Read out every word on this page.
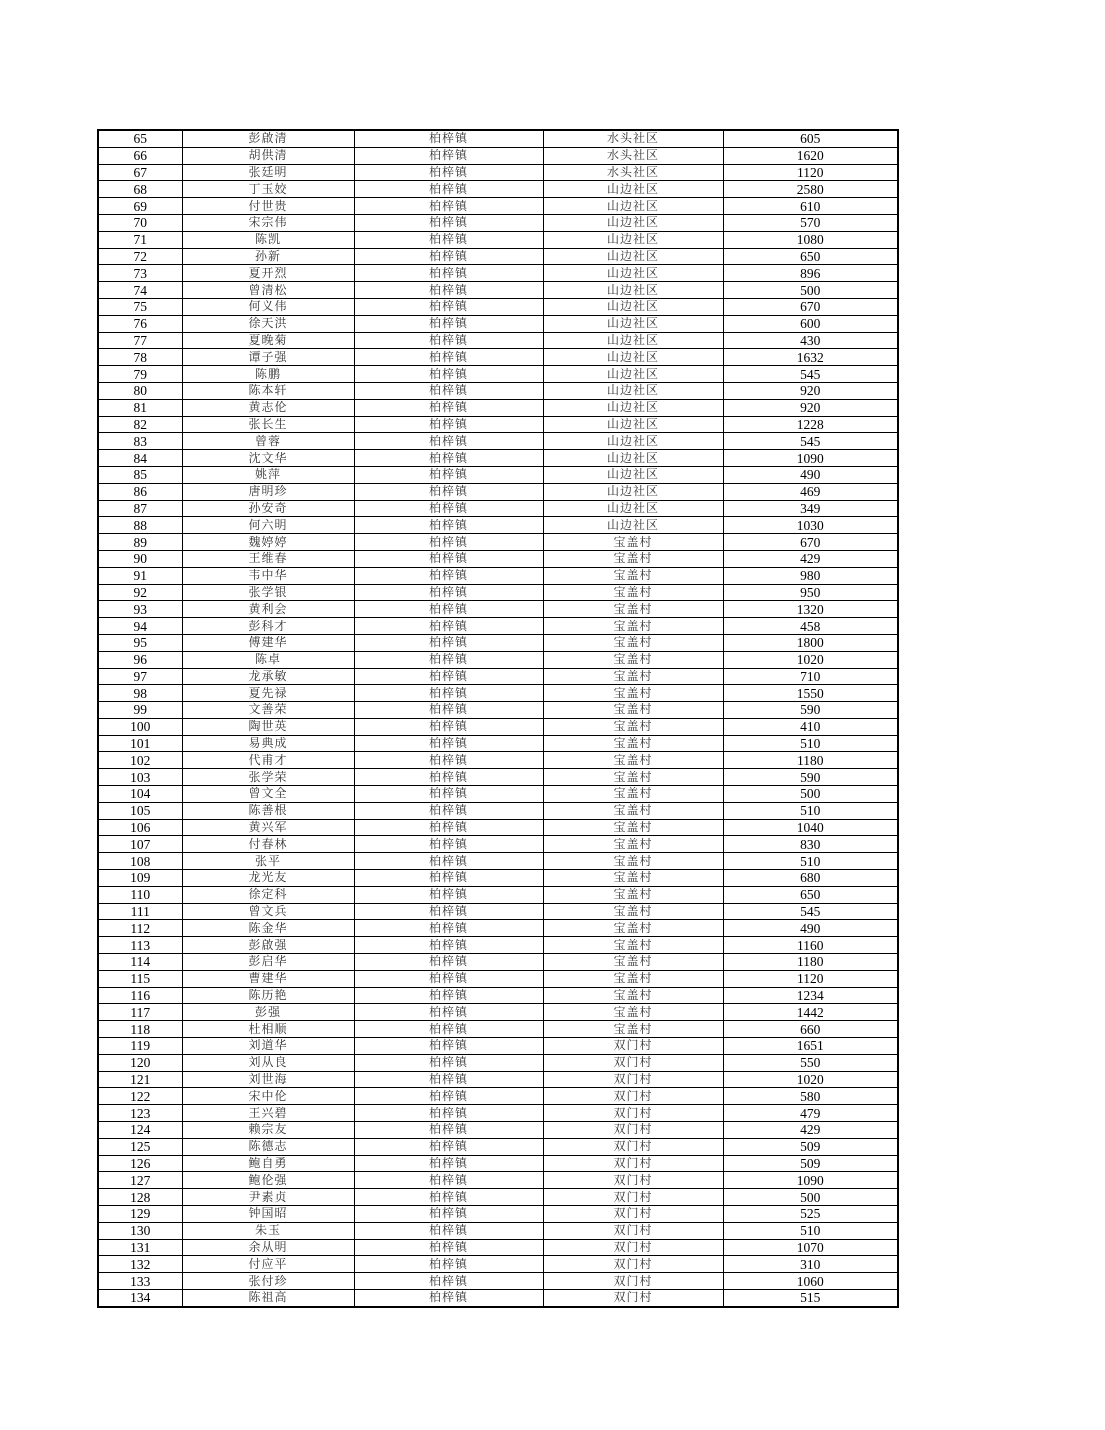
65	彭啟清	柏梓镇	水头社区	605
66	胡供清	柏梓镇	水头社区	1620
67	张廷明	柏梓镇	水头社区	1120
68	丁玉姣	柏梓镇	山边社区	2580
69	付世贵	柏梓镇	山边社区	610
70	宋宗伟	柏梓镇	山边社区	570
71	陈凯	柏梓镇	山边社区	1080
72	孙新	柏梓镇	山边社区	650
73	夏开烈	柏梓镇	山边社区	896
74	曾清松	柏梓镇	山边社区	500
75	何义伟	柏梓镇	山边社区	670
76	徐天洪	柏梓镇	山边社区	600
77	夏晚菊	柏梓镇	山边社区	430
78	谭子强	柏梓镇	山边社区	1632
79	陈鹏	柏梓镇	山边社区	545
80	陈本轩	柏梓镇	山边社区	920
81	黄志伦	柏梓镇	山边社区	920
82	张长生	柏梓镇	山边社区	1228
83	曾蓉	柏梓镇	山边社区	545
84	沈文华	柏梓镇	山边社区	1090
85	姚萍	柏梓镇	山边社区	490
86	唐明珍	柏梓镇	山边社区	469
87	孙安奇	柏梓镇	山边社区	349
88	何六明	柏梓镇	山边社区	1030
89	魏婷婷	柏梓镇	宝盖村	670
90	王维春	柏梓镇	宝盖村	429
91	韦中华	柏梓镇	宝盖村	980
92	张学银	柏梓镇	宝盖村	950
93	黄利会	柏梓镇	宝盖村	1320
94	彭科才	柏梓镇	宝盖村	458
95	傅建华	柏梓镇	宝盖村	1800
96	陈卓	柏梓镇	宝盖村	1020
97	龙承敏	柏梓镇	宝盖村	710
98	夏先禄	柏梓镇	宝盖村	1550
99	文善荣	柏梓镇	宝盖村	590
100	陶世英	柏梓镇	宝盖村	410
101	易典成	柏梓镇	宝盖村	510
102	代甫才	柏梓镇	宝盖村	1180
103	张学荣	柏梓镇	宝盖村	590
104	曾文全	柏梓镇	宝盖村	500
105	陈善根	柏梓镇	宝盖村	510
106	黄兴军	柏梓镇	宝盖村	1040
107	付春林	柏梓镇	宝盖村	830
108	张平	柏梓镇	宝盖村	510
109	龙光友	柏梓镇	宝盖村	680
110	徐定科	柏梓镇	宝盖村	650
111	曾文兵	柏梓镇	宝盖村	545
112	陈金华	柏梓镇	宝盖村	490
113	彭啟强	柏梓镇	宝盖村	1160
114	彭启华	柏梓镇	宝盖村	1180
115	曹建华	柏梓镇	宝盖村	1120
116	陈历艳	柏梓镇	宝盖村	1234
117	彭强	柏梓镇	宝盖村	1442
118	杜相顺	柏梓镇	宝盖村	660
119	刘道华	柏梓镇	双门村	1651
120	刘从良	柏梓镇	双门村	550
121	刘世海	柏梓镇	双门村	1020
122	宋中伦	柏梓镇	双门村	580
123	王兴碧	柏梓镇	双门村	479
124	赖宗友	柏梓镇	双门村	429
125	陈德志	柏梓镇	双门村	509
126	鲍自勇	柏梓镇	双门村	509
127	鲍伦强	柏梓镇	双门村	1090
128	尹素贞	柏梓镇	双门村	500
129	钟国昭	柏梓镇	双门村	525
130	朱玉	柏梓镇	双门村	510
131	余从明	柏梓镇	双门村	1070
132	付应平	柏梓镇	双门村	310
133	张付珍	柏梓镇	双门村	1060
134	陈祖高	柏梓镇	双门村	515
